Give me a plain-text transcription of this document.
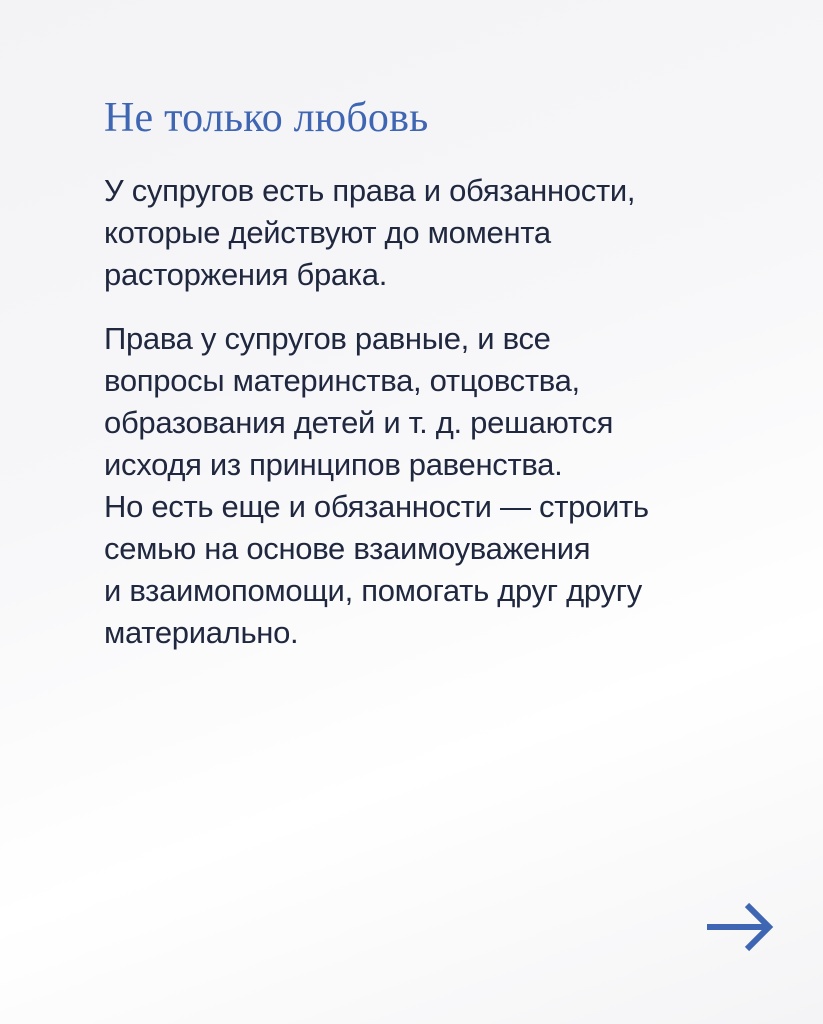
Не только любовь

У супругов есть права и обязанности,
которые действуют до момента
расторжения брака.

Права у супругов равные, и все
вопросы материнства, отцовства,
образования детей и т. д. решаются
исходя из принципов равенства.
Но есть еще и обязанности — строить
семью на основе взаимоуважения
и взаимопомощи, помогать друг другу
материально.
